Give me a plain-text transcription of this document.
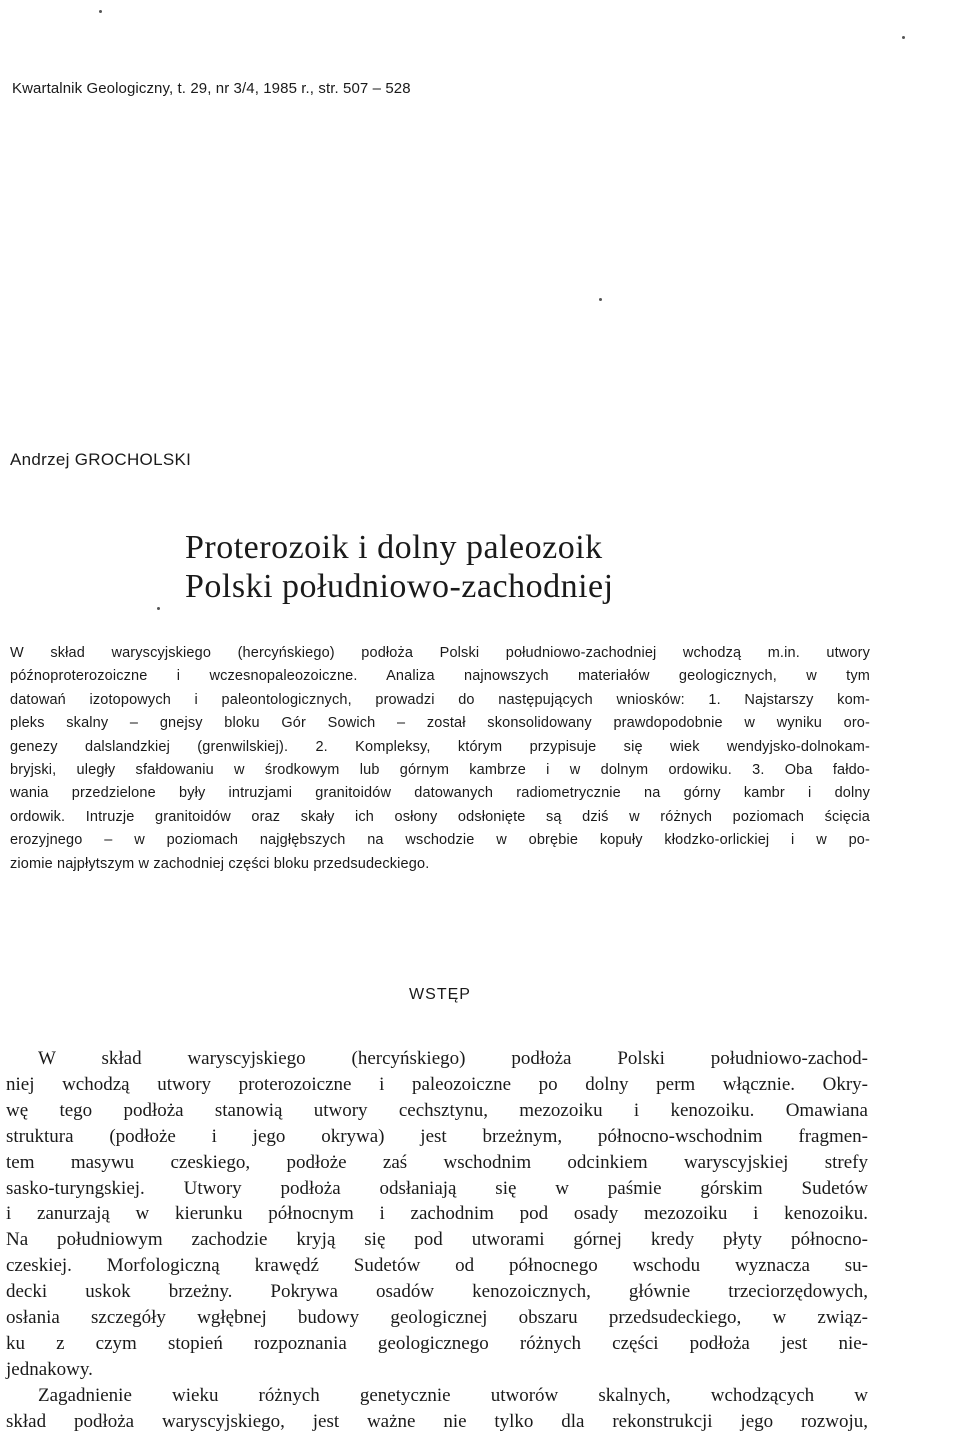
Kwartalnik Geologiczny, t. 29, nr 3/4, 1985 r., str. 507 – 528
Andrzej GROCHOLSKI
Proterozoik i dolny paleozoik
Polski południowo-zachodniej
W skład waryscyjskiego (hercyńskiego) podłoża Polski południowo-zachodniej wchodzą m.in. utwory
późnoproterozoiczne i wczesnopaleozoiczne. Analiza najnowszych materiałów geologicznych, w tym
datowań izotopowych i paleontologicznych, prowadzi do następujących wniosków: 1. Najstarszy kom-
pleks skalny – gnejsy bloku Gór Sowich – został skonsolidowany prawdopodobnie w wyniku oro-
genezy dalslandzkiej (grenwilskiej). 2. Kompleksy, którym przypisuje się wiek wendyjsko-dolnokam-
bryjski, uległy sfałdowaniu w środkowym lub górnym kambrze i w dolnym ordowiku. 3. Oba fałdo-
wania przedzielone były intruzjami granitoidów datowanych radiometrycznie na górny kambr i dolny
ordowik. Intruzje granitoidów oraz skały ich osłony odsłonięte są dziś w różnych poziomach ścięcia
erozyjnego – w poziomach najgłębszych na wschodzie w obrębie kopuły kłodzko-orlickiej i w po-
ziomie najpłytszym w zachodniej części bloku przedsudeckiego.
WSTĘP
W skład waryscyjskiego (hercyńskiego) podłoża Polski południowo-zachod-
niej wchodzą utwory proterozoiczne i paleozoiczne po dolny perm włącznie. Okry-
wę tego podłoża stanowią utwory cechsztynu, mezozoiku i kenozoiku. Omawiana
struktura (podłoże i jego okrywa) jest brzeżnym, północno-wschodnim fragmen-
tem masywu czeskiego, podłoże zaś wschodnim odcinkiem waryscyjskiej strefy
sasko-turyngskiej. Utwory podłoża odsłaniają się w paśmie górskim Sudetów
i zanurzają w kierunku północnym i zachodnim pod osady mezozoiku i kenozoiku.
Na południowym zachodzie kryją się pod utworami górnej kredy płyty północno-
czeskiej. Morfologiczną krawędź Sudetów od północnego wschodu wyznacza su-
decki uskok brzeżny. Pokrywa osadów kenozoicznych, głównie trzeciorzędowych,
osłania szczegóły wgłębnej budowy geologicznej obszaru przedsudeckiego, w związ-
ku z czym stopień rozpoznania geologicznego różnych części podłoża jest nie-
jednakowy.
Zagadnienie wieku różnych genetycznie utworów skalnych, wchodzących w
skład podłoża waryscyjskiego, jest ważne nie tylko dla rekonstrukcji jego rozwoju,
